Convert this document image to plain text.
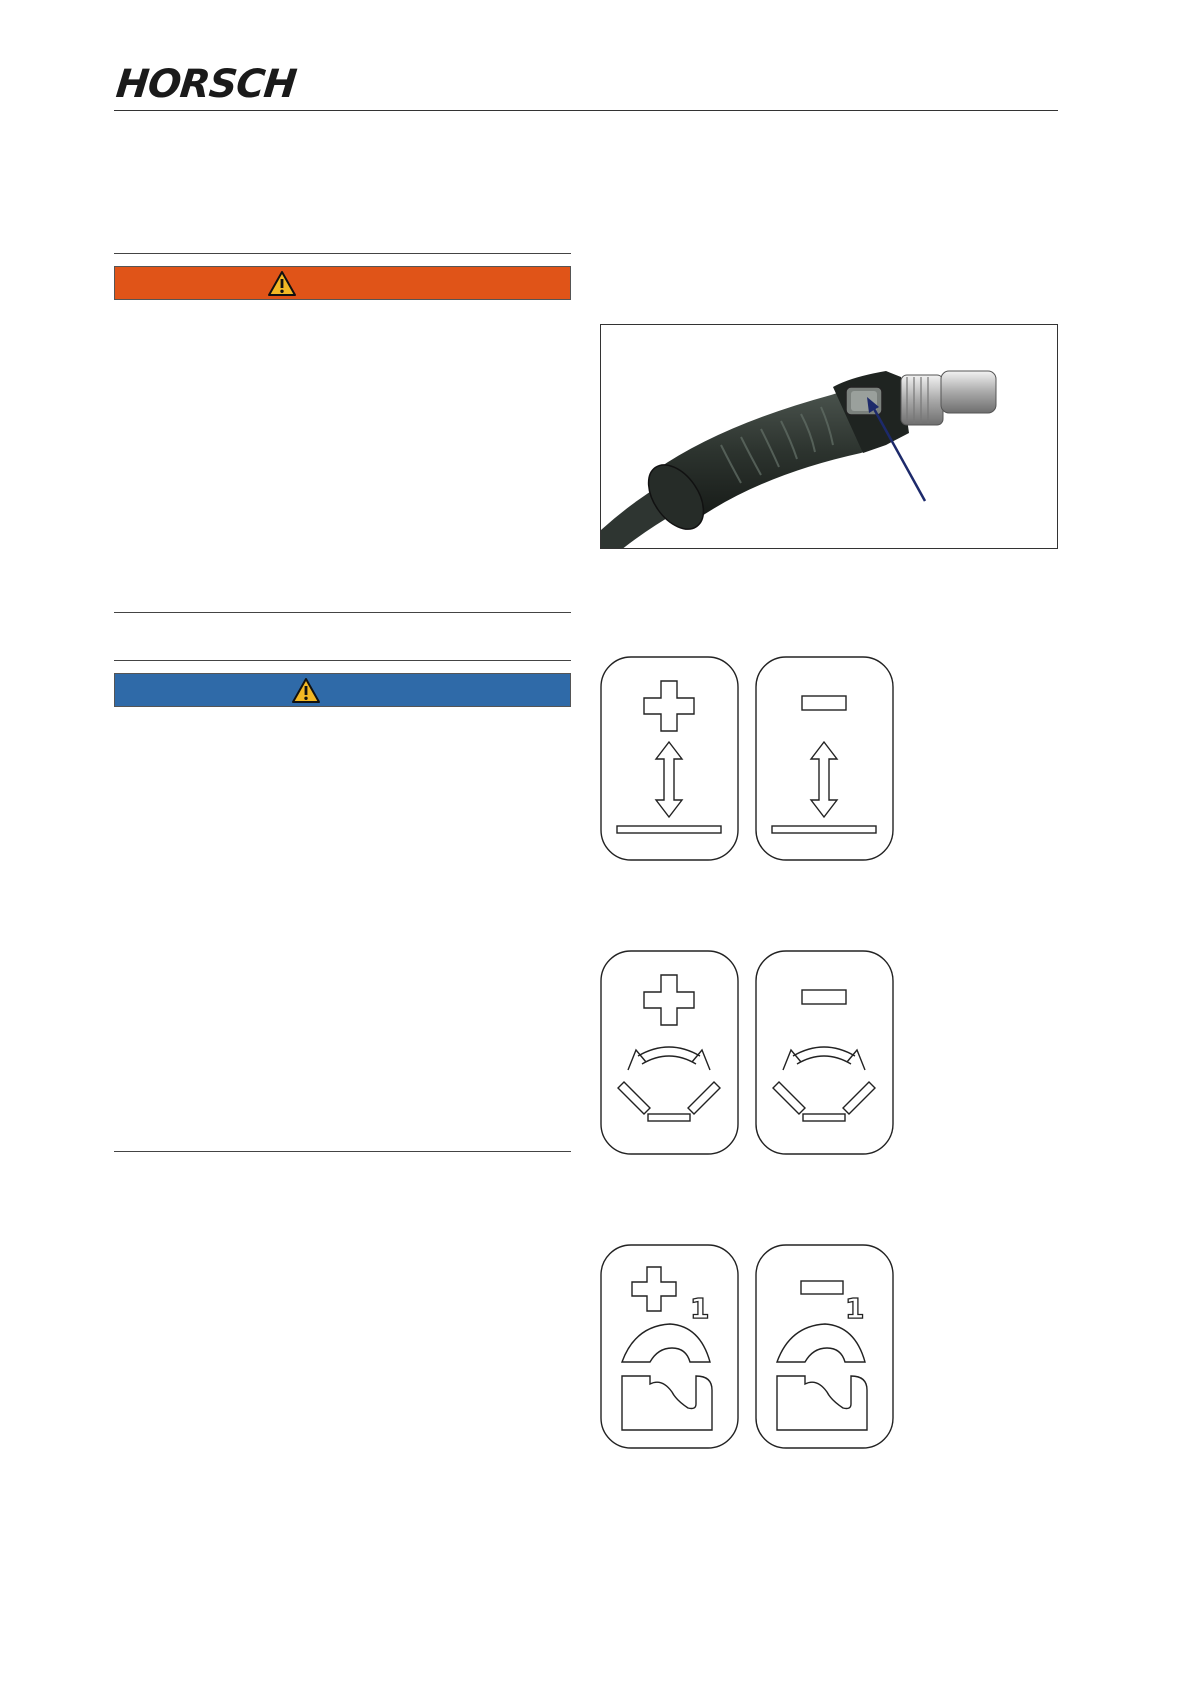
HORSCH
1	1
